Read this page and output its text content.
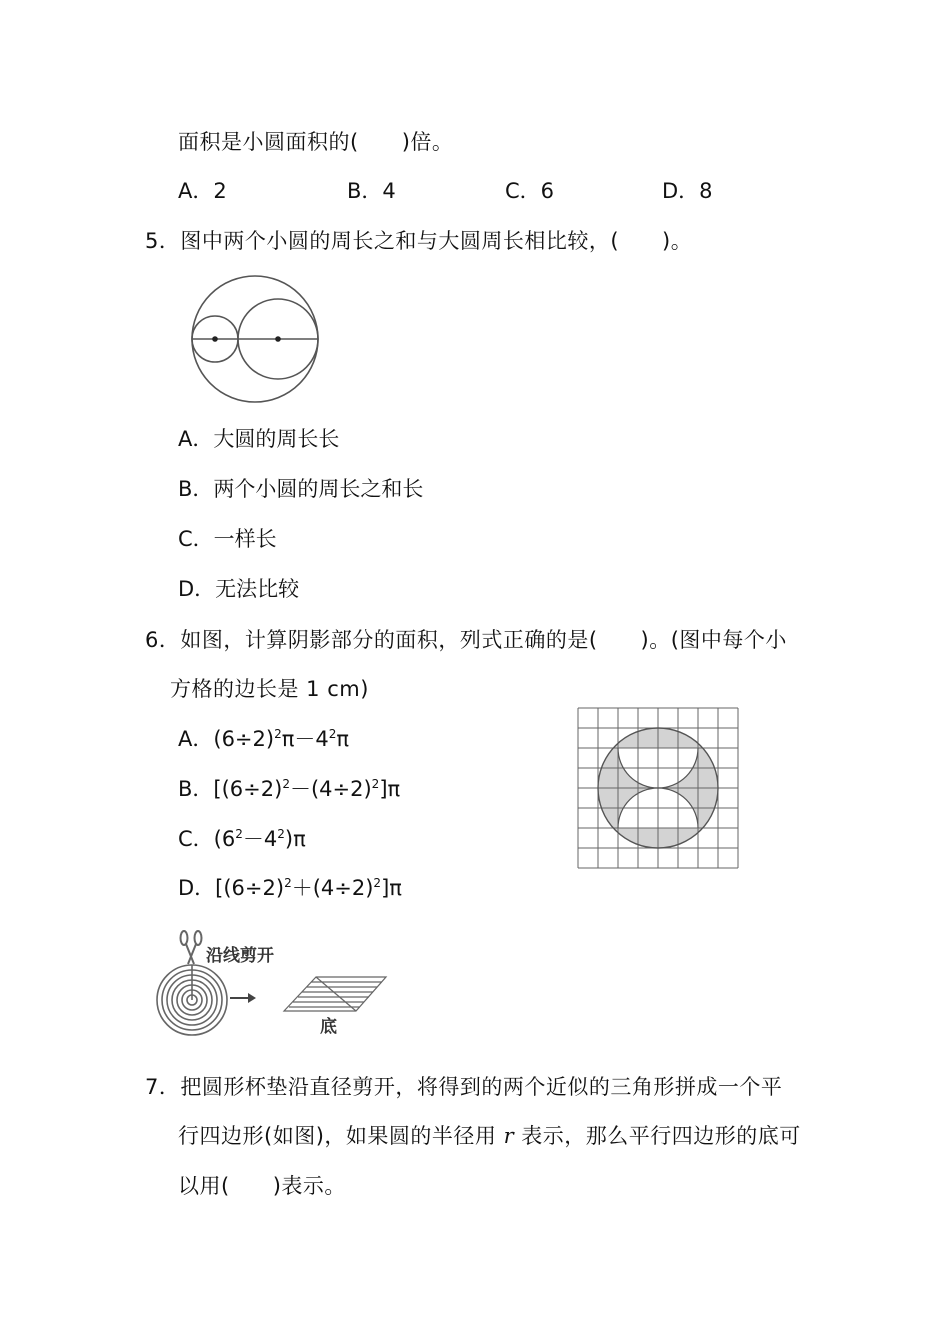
面积是小圆面积的(　　)倍。
A．2	B．4	C．6	D．8
5．图中两个小圆的周长之和与大圆周长相比较，(　　)。
A．大圆的周长长
B．两个小圆的周长之和长
C．一样长
D．无法比较
6．如图，计算阴影部分的面积，列式正确的是(　　)。(图中每个小
方格的边长是 1 cm)
A．$(6\div 2)^2\pi-4^2\pi$
B．$[(6\div 2)^2-(4\div 2)^2]\pi$
C．$(6^2-4^2)\pi$
D．$[(6\div 2)^2+(4\div 2)^2]\pi$
沿线剪开
底
7．把圆形杯垫沿直径剪开，将得到的两个近似的三角形拼成一个平
行四边形(如图)，如果圆的半径用 r 表示，那么平行四边形的底可
以用(　　)表示。
